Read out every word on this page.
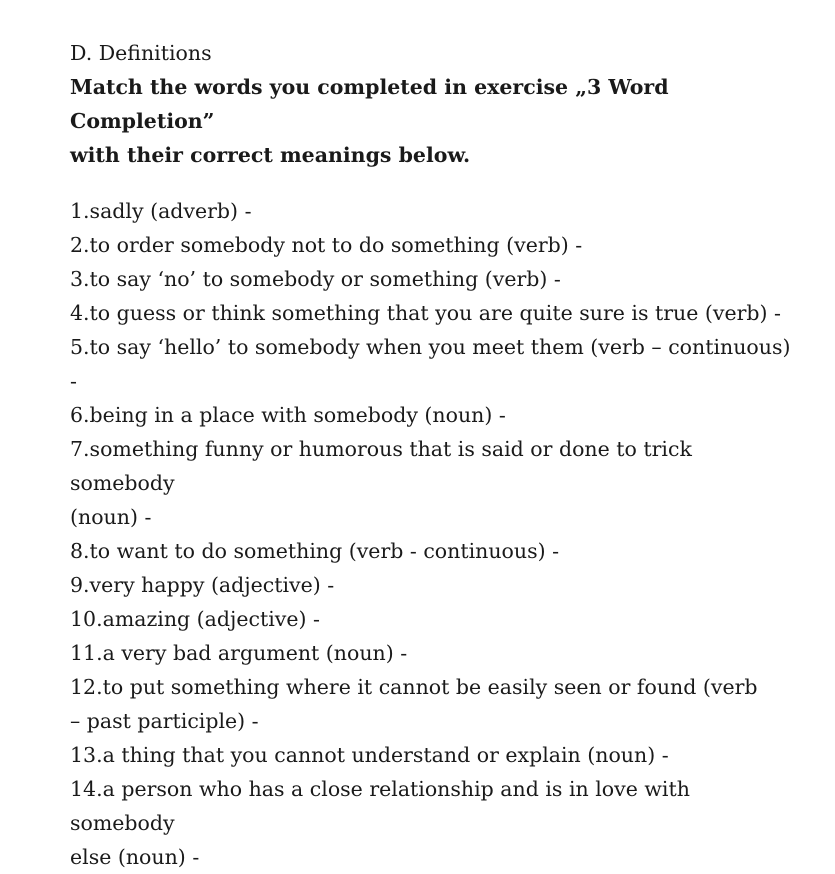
D. Definitions
Match the words you completed in exercise „3 Word Completion”
with their correct meanings below.
1.sadly (adverb) -
2.to order somebody not to do something (verb) -
3.to say ‘no’ to somebody or something (verb) -
4.to guess or think something that you are quite sure is true (verb) -
5.to say ‘hello’ to somebody when you meet them (verb – continuous) -
6.being in a place with somebody (noun) -
7.something funny or humorous that is said or done to trick somebody
(noun) -
8.to want to do something (verb - continuous) -
9.very happy (adjective) -
10.amazing (adjective) -
11.a very bad argument (noun) -
12.to put something where it cannot be easily seen or found (verb
– past participle) -
13.a thing that you cannot understand or explain (noun) -
14.a person who has a close relationship and is in love with somebody
else (noun) -
